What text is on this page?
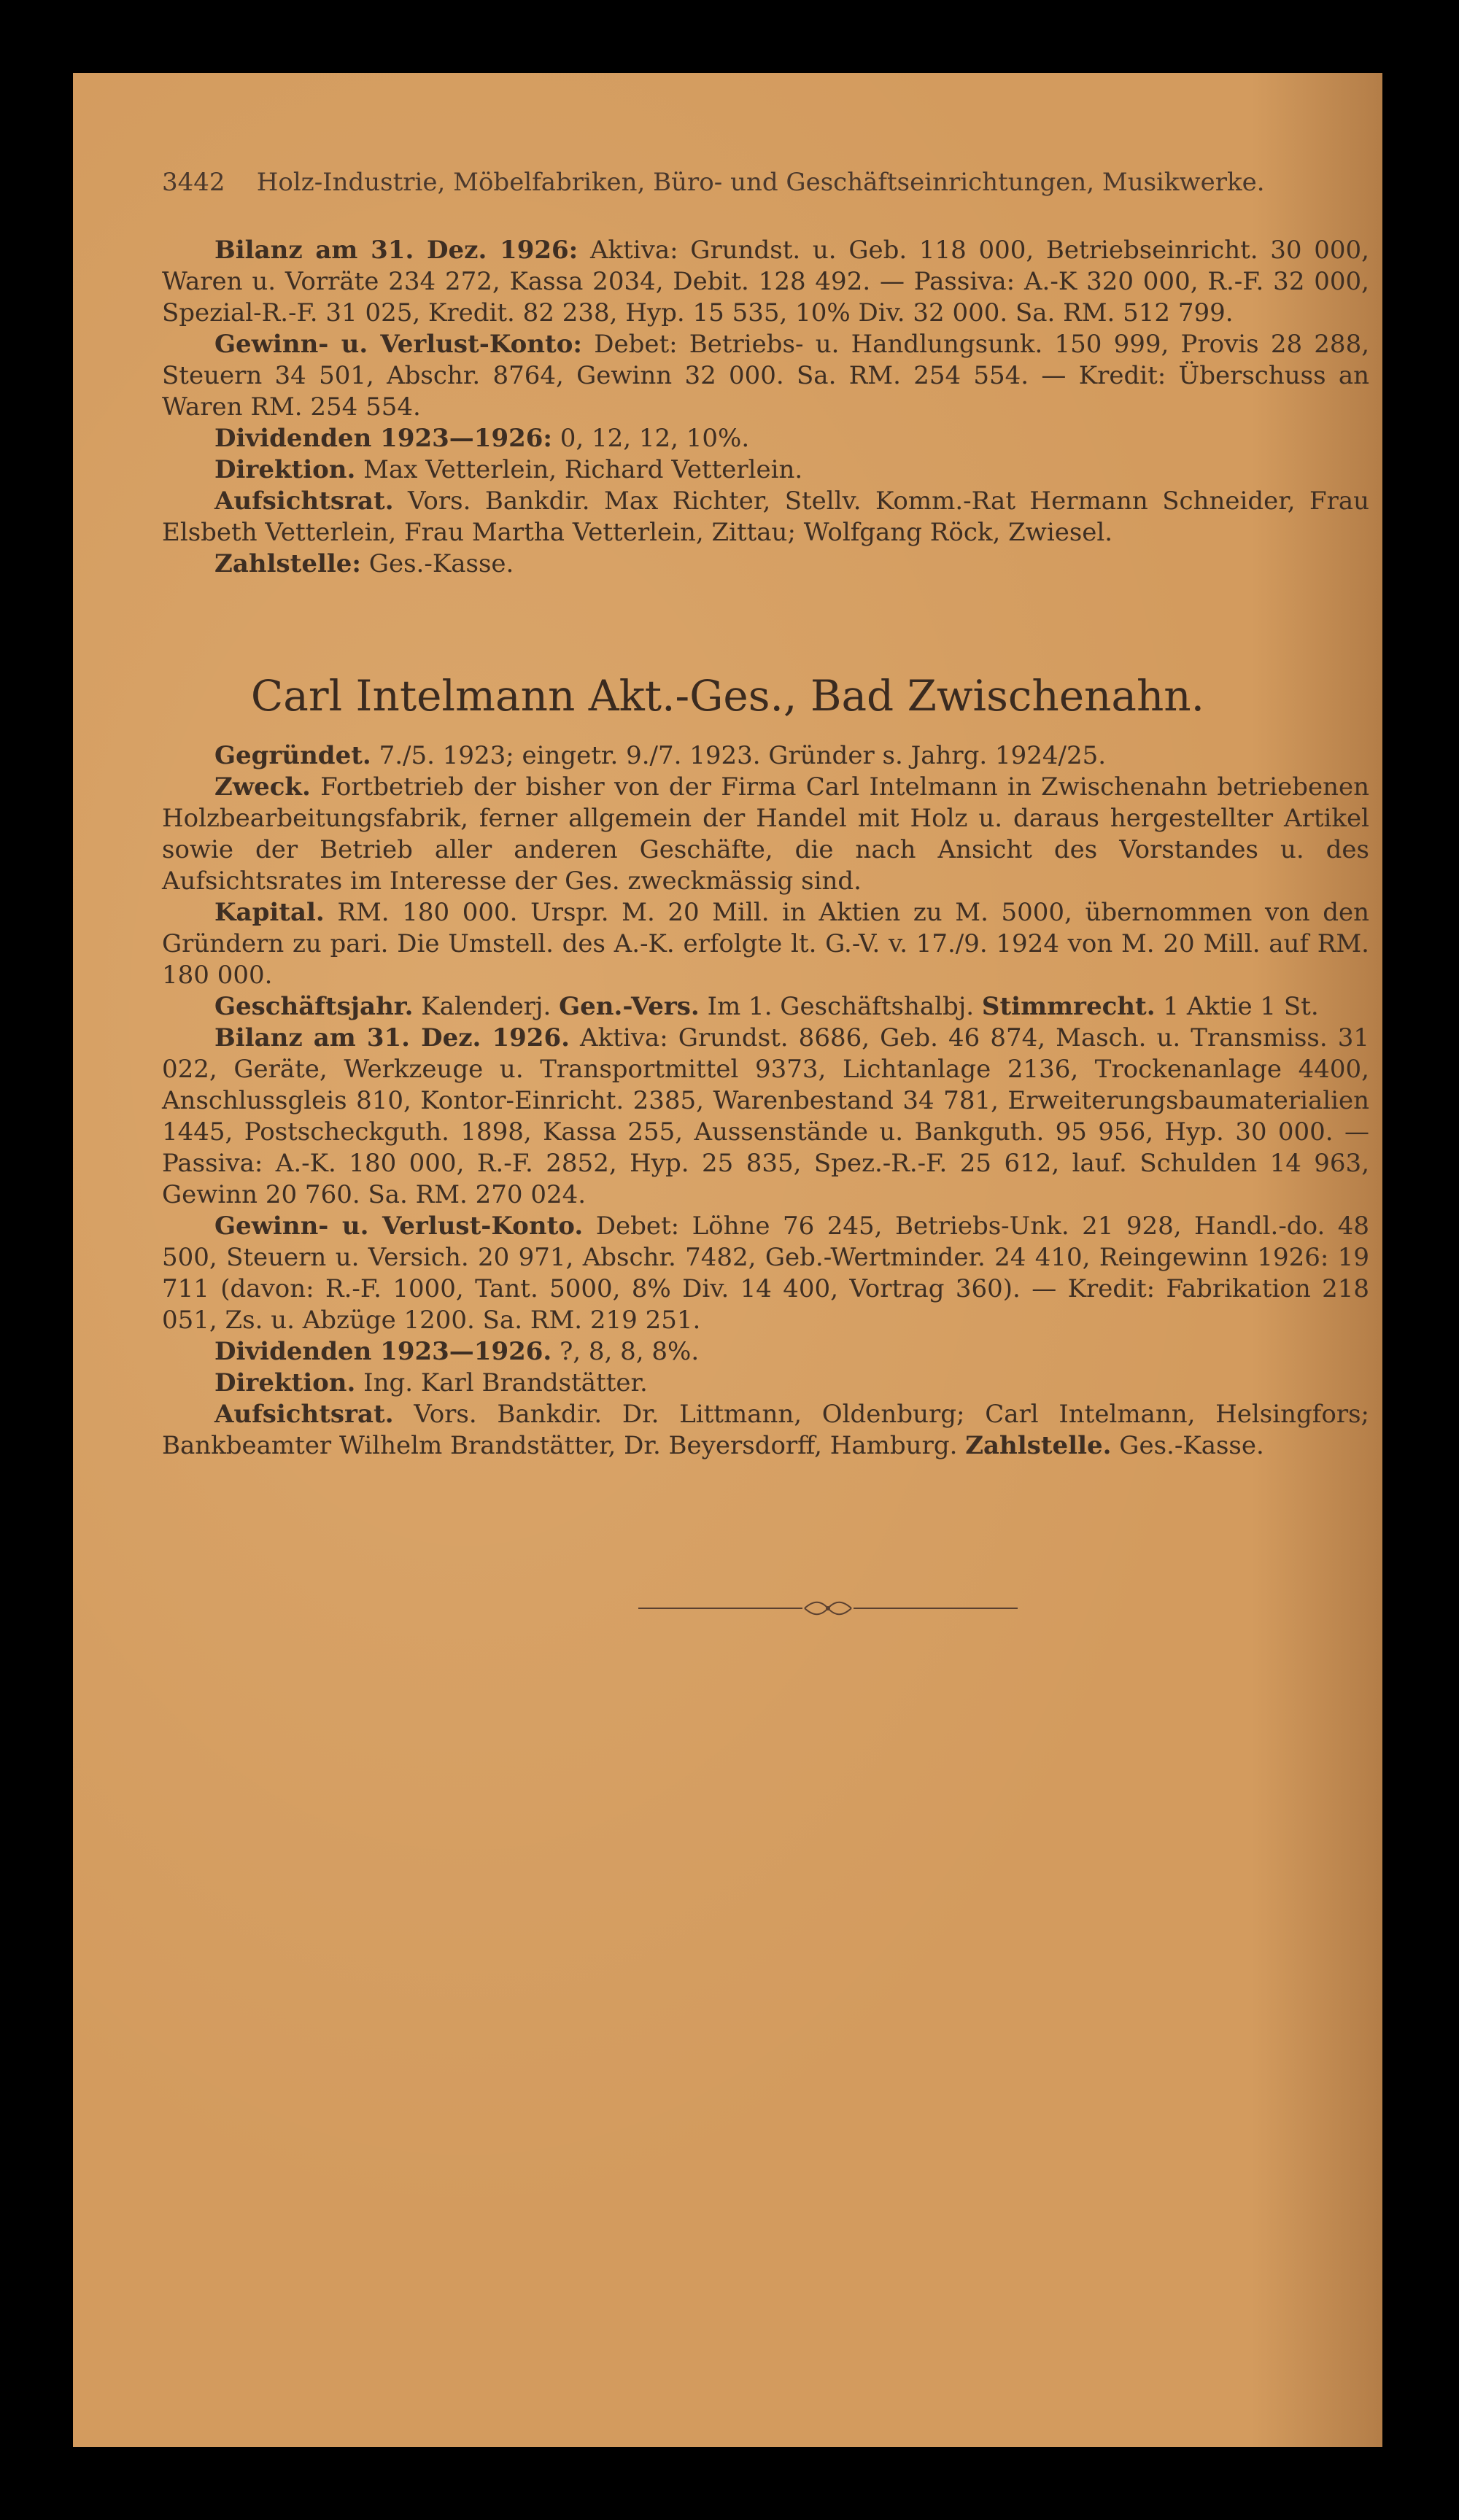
3442 Holz-Industrie, Möbelfabriken, Büro- und Geschäftseinrichtungen, Musikwerke.

Bilanz am 31. Dez. 1926: Aktiva: Grundst. u. Geb. 118 000, Betriebseinricht. 30 000, Waren u. Vorräte 234 272, Kassa 2034, Debit. 128 492. — Passiva: A.-K 320 000, R.-F. 32 000, Spezial-R.-F. 31 025, Kredit. 82 238, Hyp. 15 535, 10% Div. 32 000. Sa. RM. 512 799.

Gewinn- u. Verlust-Konto: Debet: Betriebs- u. Handlungsunk. 150 999, Provis 28 288, Steuern 34 501, Abschr. 8764, Gewinn 32 000. Sa. RM. 254 554. — Kredit: Überschuss an Waren RM. 254 554.

Dividenden 1923—1926: 0, 12, 12, 10%.

Direktion. Max Vetterlein, Richard Vetterlein.

Aufsichtsrat. Vors. Bankdir. Max Richter, Stellv. Komm.-Rat Hermann Schneider, Frau Elsbeth Vetterlein, Frau Martha Vetterlein, Zittau; Wolfgang Röck, Zwiesel.

Zahlstelle: Ges.-Kasse.

Carl Intelmann Akt.-Ges., Bad Zwischenahn.

Gegründet. 7./5. 1923; eingetr. 9./7. 1923. Gründer s. Jahrg. 1924/25.

Zweck. Fortbetrieb der bisher von der Firma Carl Intelmann in Zwischenahn betriebenen Holzbearbeitungsfabrik, ferner allgemein der Handel mit Holz u. daraus hergestellter Artikel sowie der Betrieb aller anderen Geschäfte, die nach Ansicht des Vorstandes u. des Aufsichtsrates im Interesse der Ges. zweckmässig sind.

Kapital. RM. 180 000. Urspr. M. 20 Mill. in Aktien zu M. 5000, übernommen von den Gründern zu pari. Die Umstell. des A.-K. erfolgte lt. G.-V. v. 17./9. 1924 von M. 20 Mill. auf RM. 180 000.

Geschäftsjahr. Kalenderj. Gen.-Vers. Im 1. Geschäftshalbj. Stimmrecht. 1 Aktie 1 St.

Bilanz am 31. Dez. 1926. Aktiva: Grundst. 8686, Geb. 46 874, Masch. u. Transmiss. 31 022, Geräte, Werkzeuge u. Transportmittel 9373, Lichtanlage 2136, Trockenanlage 4400, Anschlussgleis 810, Kontor-Einricht. 2385, Warenbestand 34 781, Erweiterungsbaumaterialien 1445, Postscheckguth. 1898, Kassa 255, Aussenstände u. Bankguth. 95 956, Hyp. 30 000. — Passiva: A.-K. 180 000, R.-F. 2852, Hyp. 25 835, Spez.-R.-F. 25 612, lauf. Schulden 14 963, Gewinn 20 760. Sa. RM. 270 024.

Gewinn- u. Verlust-Konto. Debet: Löhne 76 245, Betriebs-Unk. 21 928, Handl.-do. 48 500, Steuern u. Versich. 20 971, Abschr. 7482, Geb.-Wertminder. 24 410, Reingewinn 1926: 19 711 (davon: R.-F. 1000, Tant. 5000, 8% Div. 14 400, Vortrag 360). — Kredit: Fabrikation 218 051, Zs. u. Abzüge 1200. Sa. RM. 219 251.

Dividenden 1923—1926. ?, 8, 8, 8%.

Direktion. Ing. Karl Brandstätter.

Aufsichtsrat. Vors. Bankdir. Dr. Littmann, Oldenburg; Carl Intelmann, Helsingfors; Bankbeamter Wilhelm Brandstätter, Dr. Beyersdorff, Hamburg. Zahlstelle. Ges.-Kasse.
